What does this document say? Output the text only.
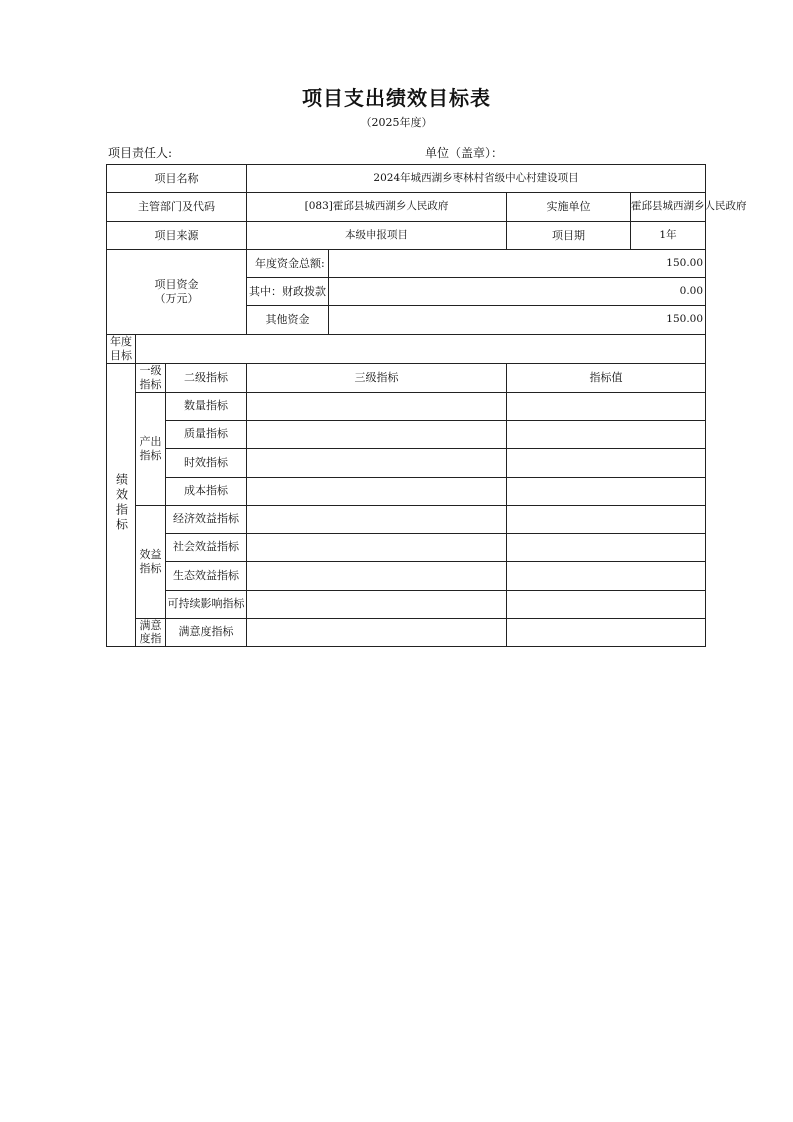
项目支出绩效目标表
（2025年度）
项目责任人:	单位（盖章）：
项目名称			2024年城西湖乡枣林村省级中心村建设项目			
主管部门及代码			[083]霍邱县城西湖乡人民政府		实施单位	霍邱县城西湖乡人民政府
项目来源			本级申报项目		项目期	1年

项目资金
（万元）			年度资金总额:	150.00		
			其中：财政拨款	0.00		
			其他资金	150.00		
年度目标						
绩效指标	一级指标	二级指标	三级指标		指标值	
	产出指标	数量指标				
		质量指标				
		时效指标				
		成本指标				
	效益指标	经济效益指标				
		社会效益指标				
		生态效益指标				
		可持续影响指标				
	满意度指	满意度指标				
